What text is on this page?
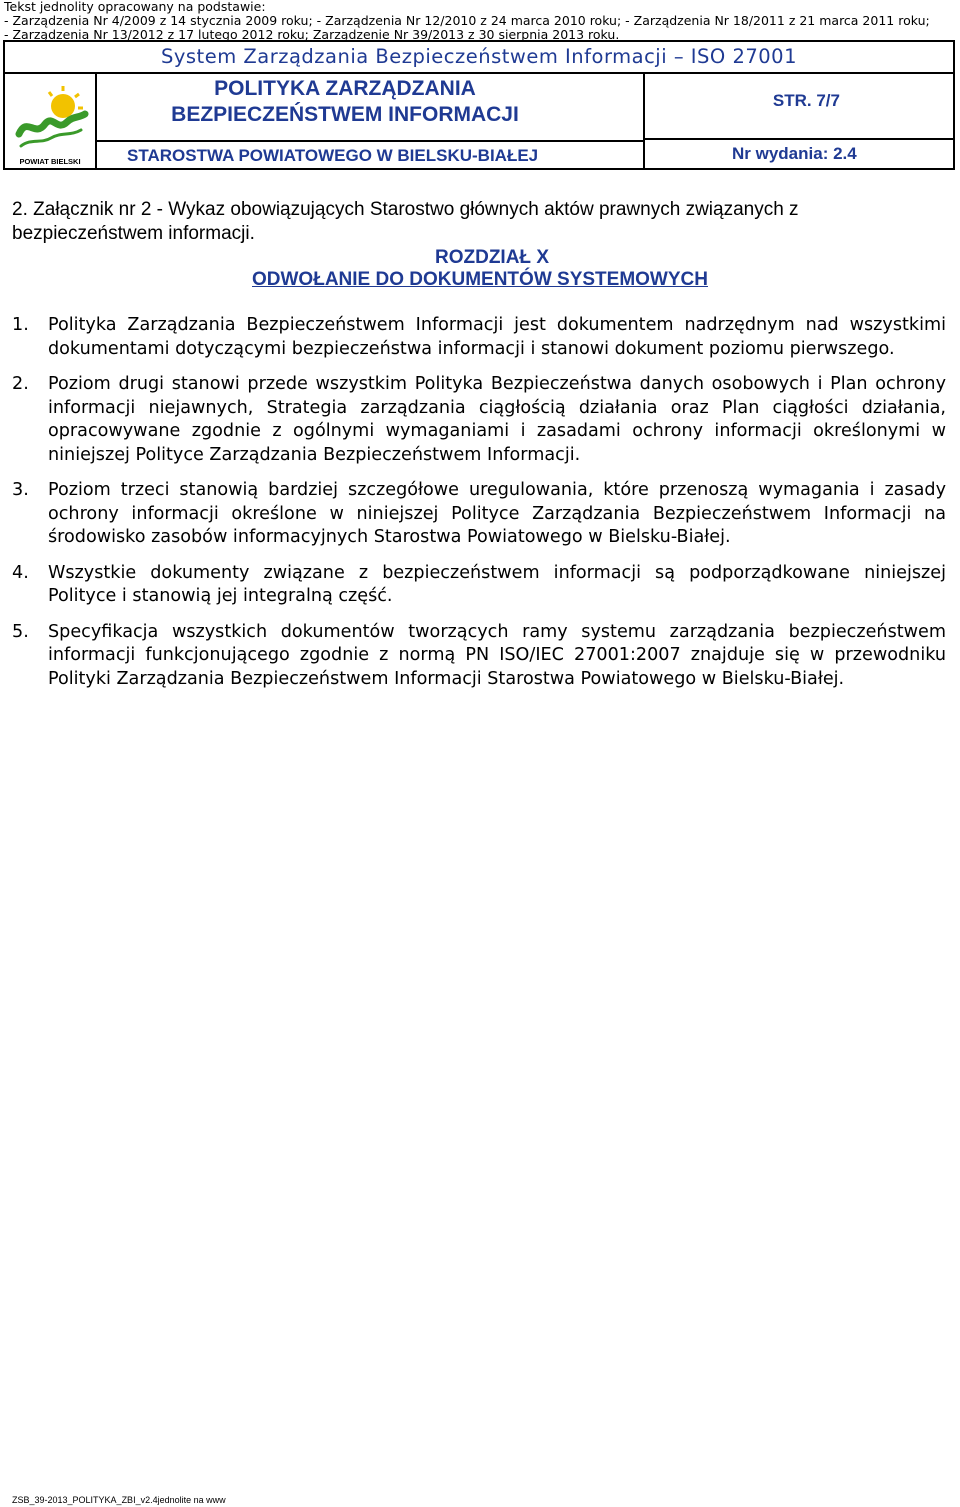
Tekst jednolity opracowany na podstawie:
- Zarządzenia Nr 4/2009 z 14 stycznia 2009 roku; - Zarządzenia Nr 12/2010 z 24 marca 2010 roku; - Zarządzenia Nr 18/2011 z 21 marca 2011 roku;
- Zarządzenia Nr 13/2012 z 17 lutego 2012 roku; Zarządzenie Nr 39/2013 z 30 sierpnia 2013 roku.
System Zarządzania Bezpieczeństwem Informacji – ISO 27001
POWIAT BIELSKI
POLITYKA ZARZĄDZANIA
BEZPIECZEŃSTWEM INFORMACJI
STAROSTWA POWIATOWEGO W BIELSKU-BIAŁEJ
STR. 7/7
Nr wydania: 2.4
2. Załącznik nr 2 - Wykaz obowiązujących Starostwo głównych aktów prawnych związanych z bezpieczeństwem informacji.
ROZDZIAŁ X
ODWOŁANIE DO DOKUMENTÓW SYSTEMOWYCH
1. Polityka Zarządzania Bezpieczeństwem Informacji jest dokumentem nadrzędnym nad wszystkimi dokumentami dotyczącymi bezpieczeństwa informacji i stanowi dokument poziomu pierwszego.
2. Poziom drugi stanowi przede wszystkim Polityka Bezpieczeństwa danych osobowych i Plan ochrony informacji niejawnych, Strategia zarządzania ciągłością działania oraz Plan ciągłości działania, opracowywane zgodnie z ogólnymi wymaganiami i zasadami ochrony informacji określonymi w niniejszej Polityce Zarządzania Bezpieczeństwem Informacji.
3. Poziom trzeci stanowią bardziej szczegółowe uregulowania, które przenoszą wymagania i zasady ochrony informacji określone w niniejszej Polityce Zarządzania Bezpieczeństwem Informacji na środowisko zasobów informacyjnych Starostwa Powiatowego w Bielsku-Białej.
4. Wszystkie dokumenty związane z bezpieczeństwem informacji są podporządkowane niniejszej Polityce i stanowią jej integralną część.
5. Specyfikacja wszystkich dokumentów tworzących ramy systemu zarządzania bezpieczeństwem informacji funkcjonującego zgodnie z normą PN ISO/IEC 27001:2007 znajduje się w przewodniku Polityki Zarządzania Bezpieczeństwem Informacji Starostwa Powiatowego w Bielsku-Białej.
ZSB_39-2013_POLITYKA_ZBI_v2.4jednolite na www
